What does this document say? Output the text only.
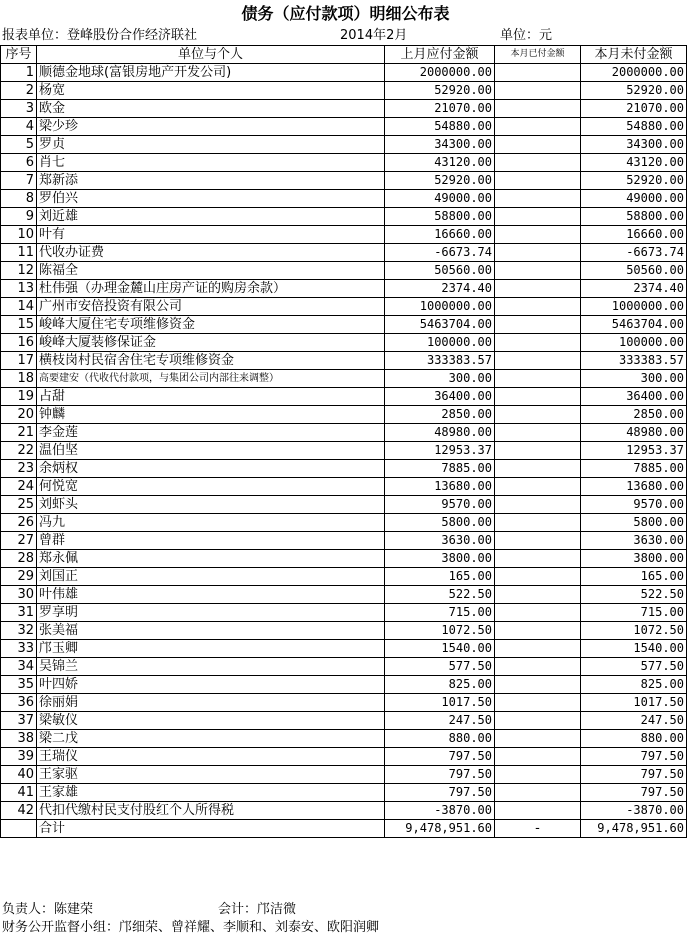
债务（应付款项）明细公布表
报表单位：登峰股份合作经济联社	2014年2月	单位：元
序号	单位与个人	上月应付金额	本月已付金额	本月未付金额
1	顺德金地球(富银房地产开发公司)	2000000.00		2000000.00
2	杨宽	52920.00		52920.00
3	欧金	21070.00		21070.00
4	梁少珍	54880.00		54880.00
5	罗贞	34300.00		34300.00
6	肖七	43120.00		43120.00
7	郑新添	52920.00		52920.00
8	罗伯兴	49000.00		49000.00
9	刘近雄	58800.00		58800.00
10	叶有	16660.00		16660.00
11	代收办证费	-6673.74		-6673.74
12	陈福全	50560.00		50560.00
13	杜伟强（办理金麓山庄房产证的购房余款）	2374.40		2374.40
14	广州市安倍投资有限公司	1000000.00		1000000.00
15	峻峰大厦住宅专项维修资金	5463704.00		5463704.00
16	峻峰大厦装修保证金	100000.00		100000.00
17	横枝岗村民宿舍住宅专项维修资金	333383.57		333383.57
18	高要建安（代收代付款项，与集团公司内部往来调整）	300.00		300.00
19	占甜	36400.00		36400.00
20	钟麟	2850.00		2850.00
21	李金莲	48980.00		48980.00
22	温伯坚	12953.37		12953.37
23	余炳权	7885.00		7885.00
24	何悦宽	13680.00		13680.00
25	刘虾头	9570.00		9570.00
26	冯九	5800.00		5800.00
27	曾群	3630.00		3630.00
28	郑永佩	3800.00		3800.00
29	刘国正	165.00		165.00
30	叶伟雄	522.50		522.50
31	罗享明	715.00		715.00
32	张美福	1072.50		1072.50
33	邝玉卿	1540.00		1540.00
34	吴锦兰	577.50		577.50
35	叶四娇	825.00		825.00
36	徐丽娟	1017.50		1017.50
37	梁敏仪	247.50		247.50
38	梁二戊	880.00		880.00
39	王瑞仪	797.50		797.50
40	王家驱	797.50		797.50
41	王家雄	797.50		797.50
42	代扣代缴村民支付股红个人所得税	-3870.00		-3870.00
	合计	9,478,951.60	-	9,478,951.60
负责人：陈建荣	会计：邝洁微
财务公开监督小组：邝细荣、曾祥耀、李顺和、刘泰安、欧阳润卿
